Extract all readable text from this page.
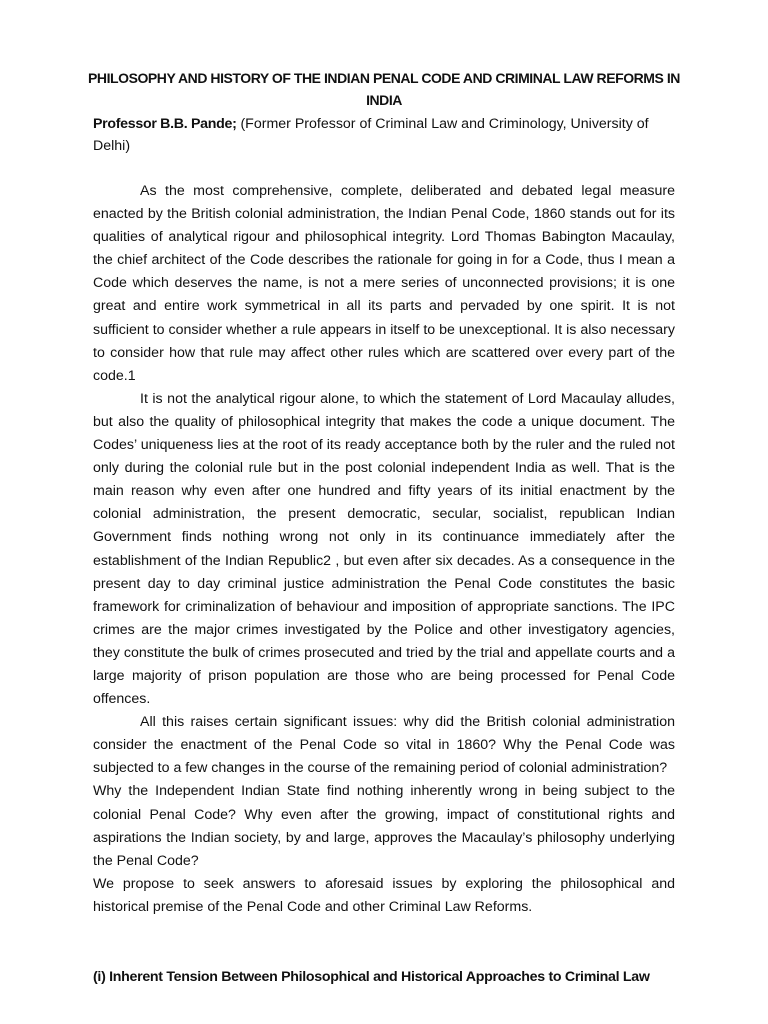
PHILOSOPHY AND HISTORY OF THE INDIAN PENAL CODE AND CRIMINAL LAW REFORMS IN INDIA
Professor B.B. Pande; (Former Professor of Criminal Law and Criminology, University of Delhi)

As the most comprehensive, complete, deliberated and debated legal measure enacted by the British colonial administration, the Indian Penal Code, 1860 stands out for its qualities of analytical rigour and philosophical integrity. Lord Thomas Babington Macaulay, the chief architect of the Code describes the rationale for going in for a Code, thus I mean a Code which deserves the name, is not a mere series of unconnected provisions; it is one great and entire work symmetrical in all its parts and pervaded by one spirit. It is not sufficient to consider whether a rule appears in itself to be unexceptional. It is also necessary to consider how that rule may affect other rules which are scattered over every part of the code.1

It is not the analytical rigour alone, to which the statement of Lord Macaulay alludes, but also the quality of philosophical integrity that makes the code a unique document. The Codes’ uniqueness lies at the root of its ready acceptance both by the ruler and the ruled not only during the colonial rule but in the post colonial independent India as well. That is the main reason why even after one hundred and fifty years of its initial enactment by the colonial administration, the present democratic, secular, socialist, republican Indian Government finds nothing wrong not only in its continuance immediately after the establishment of the Indian Republic2 , but even after six decades. As a consequence in the present day to day criminal justice administration the Penal Code constitutes the basic framework for criminalization of behaviour and imposition of appropriate sanctions. The IPC crimes are the major crimes investigated by the Police and other investigatory agencies, they constitute the bulk of crimes prosecuted and tried by the trial and appellate courts and a large majority of prison population are those who are being processed for Penal Code offences.

All this raises certain significant issues: why did the British colonial administration consider the enactment of the Penal Code so vital in 1860? Why the Penal Code was subjected to a few changes in the course of the remaining period of colonial administration?

Why the Independent Indian State find nothing inherently wrong in being subject to the colonial Penal Code? Why even after the growing, impact of constitutional rights and aspirations the Indian society, by and large, approves the Macaulay’s philosophy underlying the Penal Code?

We propose to seek answers to aforesaid issues by exploring the philosophical and historical premise of the Penal Code and other Criminal Law Reforms.

(i) Inherent Tension Between Philosophical and Historical Approaches to Criminal Law
